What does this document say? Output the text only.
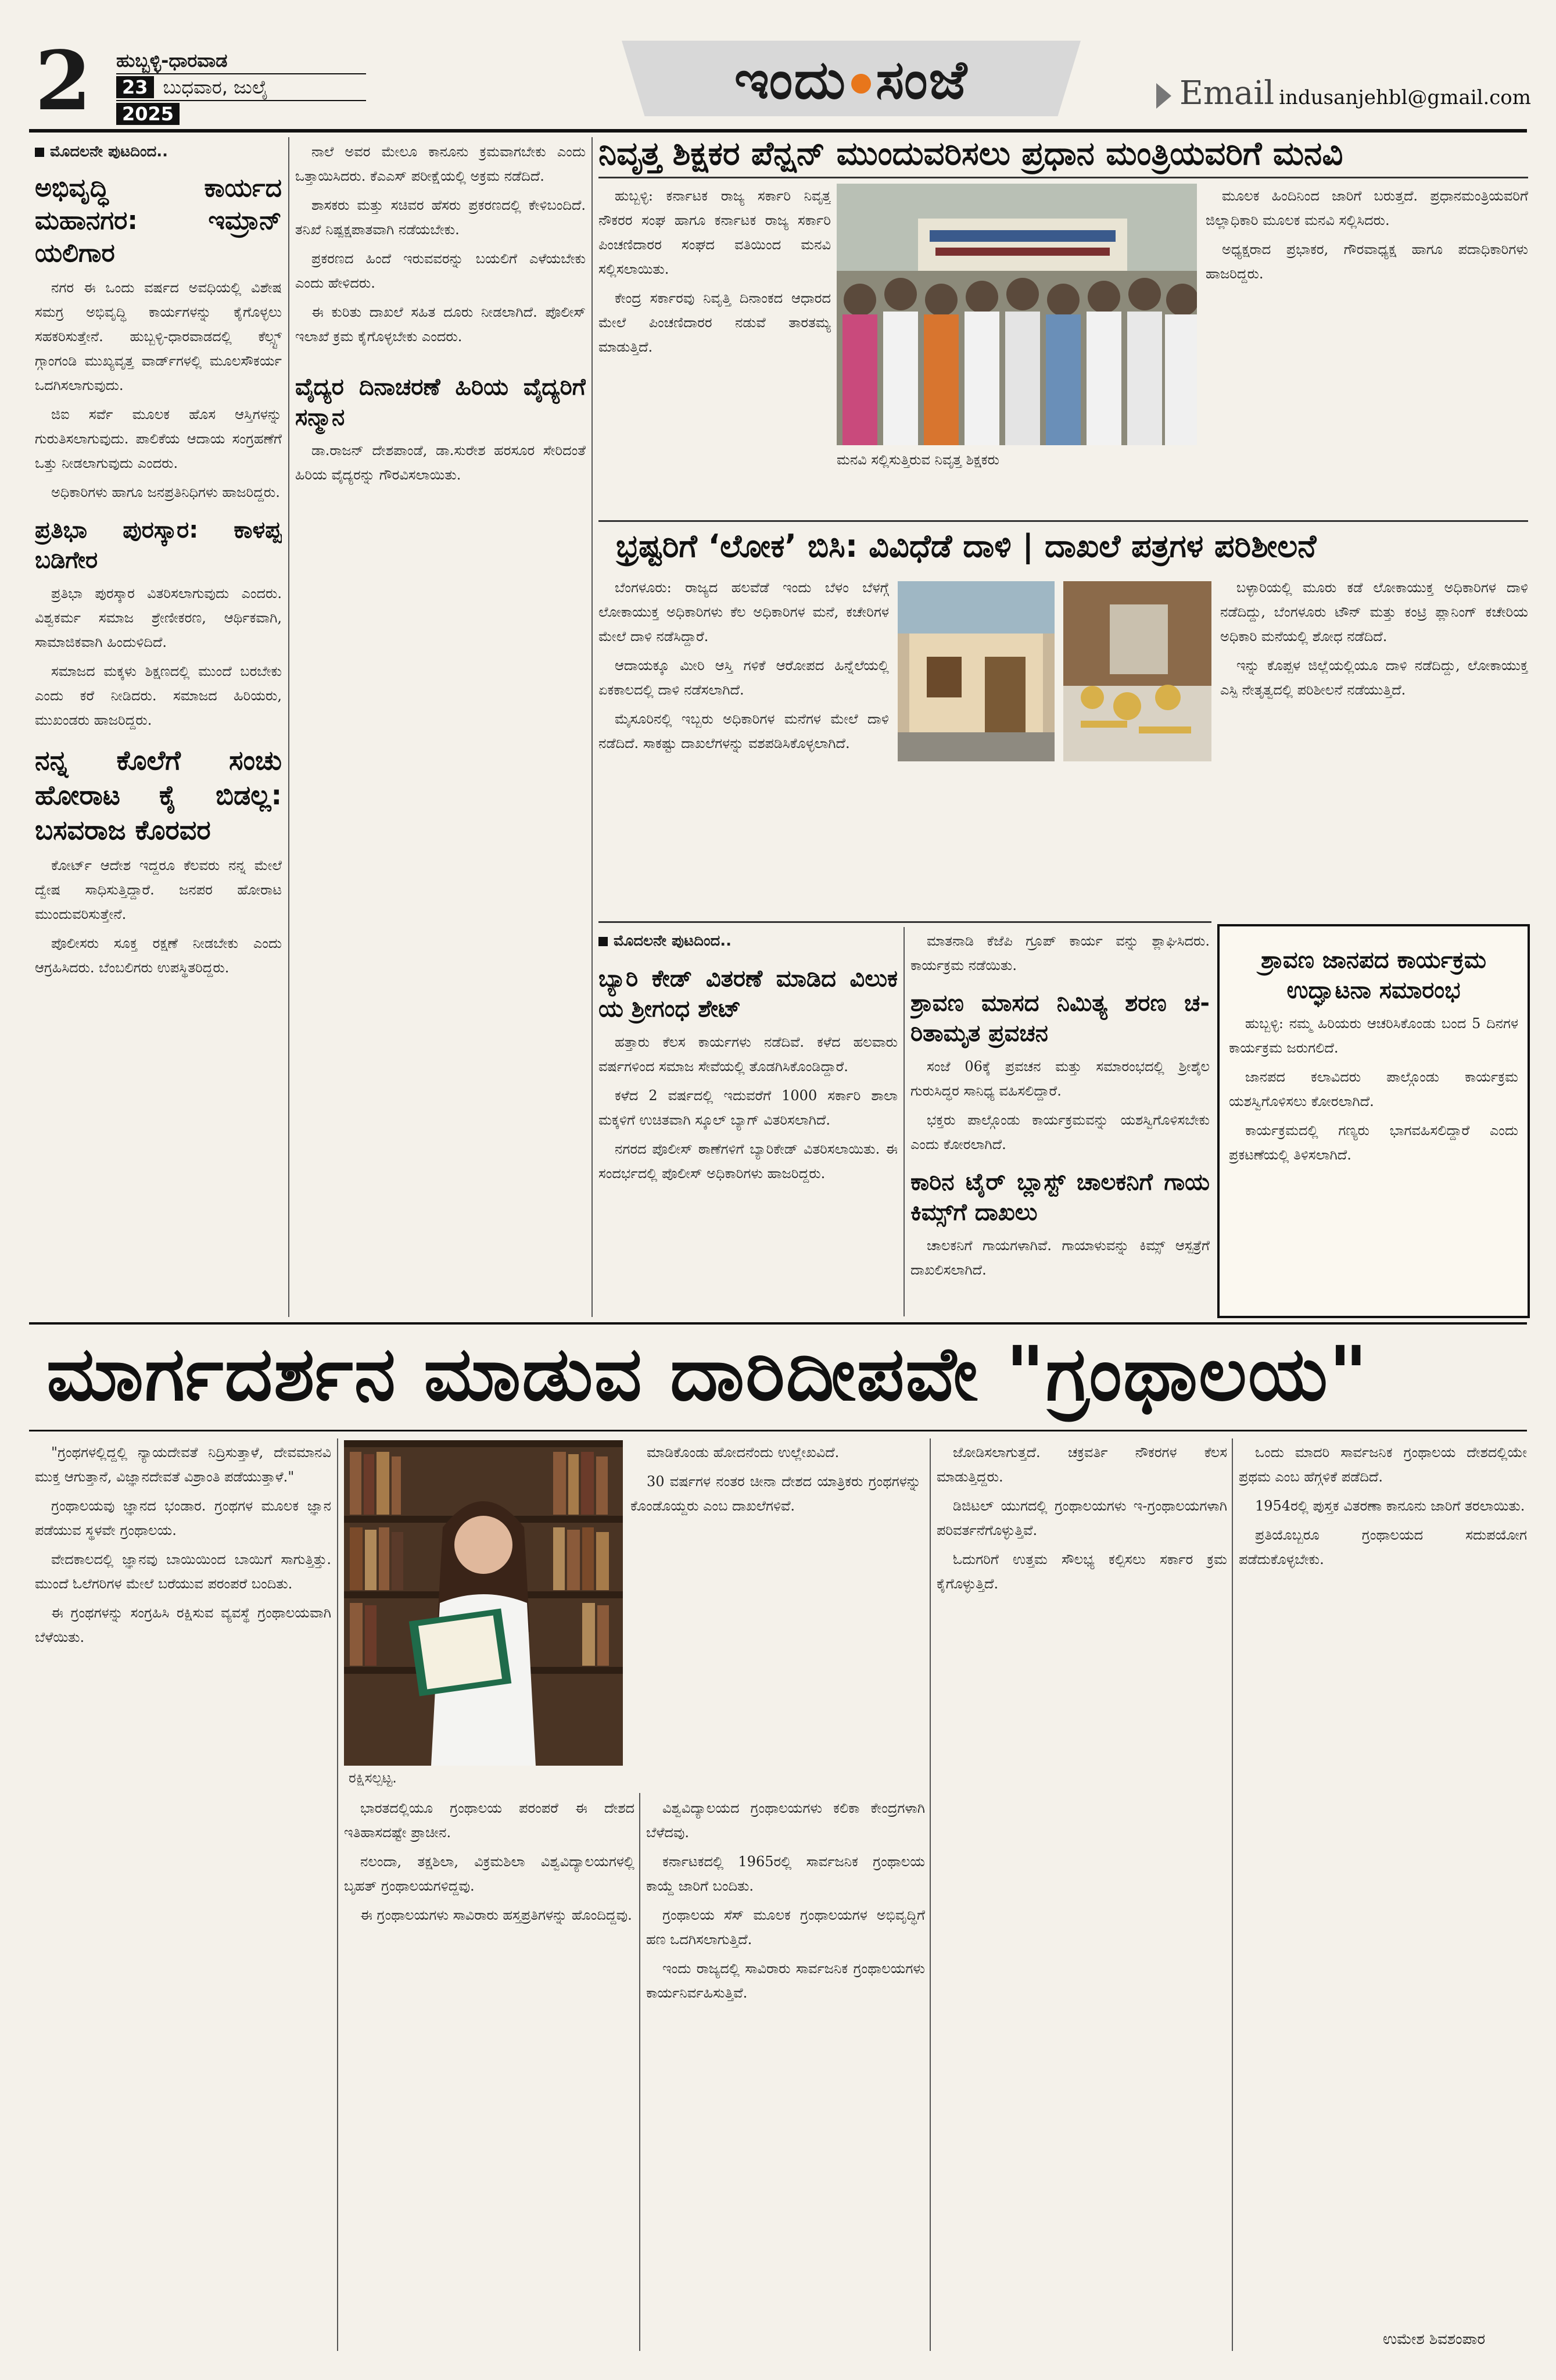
2 ಹುಬ್ಬಳ್ಳಿ-ಧಾರವಾಡ
23 ಬುಧವಾರ, ಜುಲೈ
2025
ಇಂದು ಸಂಜೆ	Email indusanjehbl@gmail.com
ಮೊದಲನೇ ಪುಟದಿಂದ..
ಅಭಿವೃದ್ಧಿ ಕಾರ್ಯದ ಮಹಾನಗರ: ಇಮ್ರಾನ್ ಯಲಿಗಾರ

ನಗರ ಈ ಒಂದು ವರ್ಷದ ಅವಧಿಯಲ್ಲಿ ವಿಶೇಷ ಸಮಗ್ರ ಅಭಿವೃದ್ಧಿ ಕಾರ್ಯಗಳನ್ನು ಕೈಗೊಳ್ಳಲು ಸಹಕರಿಸುತ್ತೇನೆ. ಹುಬ್ಬಳ್ಳಿ-ಧಾರವಾಡದಲ್ಲಿ ಕೆಲ್ಸ್ಟ್ ಗ್ಗಾಂಗಂಡಿ ಮುಖ್ಯವೃತ್ತ ವಾರ್ಡ್‌ಗಳಲ್ಲಿ ಮೂಲಸೌಕರ್ಯ ಒದಗಿಸಲಾಗುವುದು.

ಜಿಐ ಸರ್ವೆ ಮೂಲಕ ಹೊಸ ಆಸ್ತಿಗಳನ್ನು ಗುರುತಿಸಲಾಗುವುದು. ಪಾಲಿಕೆಯ ಆದಾಯ ಸಂಗ್ರಹಣೆಗೆ ಒತ್ತು ನೀಡಲಾಗುವುದು ಎಂದರು.

ಅಧಿಕಾರಿಗಳು ಹಾಗೂ ಜನಪ್ರತಿನಿಧಿಗಳು ಹಾಜರಿದ್ದರು.

ಪ್ರತಿಭಾ ಪುರಸ್ಕಾರ: ಕಾಳಪ್ಪ ಬಡಿಗೇರ

ಪ್ರತಿಭಾ ಪುರಸ್ಕಾರ ವಿತರಿಸಲಾಗುವುದು ಎಂದರು. ವಿಶ್ವಕರ್ಮ ಸಮಾಜ ಶ್ರೇಣೀಕರಣ, ಆರ್ಥಿಕವಾಗಿ, ಸಾಮಾಜಿಕವಾಗಿ ಹಿಂದುಳಿದಿದೆ.

ಸಮಾಜದ ಮಕ್ಕಳು ಶಿಕ್ಷಣದಲ್ಲಿ ಮುಂದೆ ಬರಬೇಕು ಎಂದು ಕರೆ ನೀಡಿದರು. ಸಮಾಜದ ಹಿರಿಯರು, ಮುಖಂಡರು ಹಾಜರಿದ್ದರು.

ನನ್ನ ಕೊಲೆಗೆ ಸಂಚು ಹೋರಾಟ ಕೈ ಬಿಡಲ್ಲ: ಬಸವರಾಜ ಕೊರವರ

ಕೋರ್ಟ್‌ ಆದೇಶ ಇದ್ದರೂ ಕೆಲವರು ನನ್ನ ಮೇಲೆ ದ್ವೇಷ ಸಾಧಿಸುತ್ತಿದ್ದಾರೆ. ಜನಪರ ಹೋರಾಟ ಮುಂದುವರಿಸುತ್ತೇನೆ.

ಪೊಲೀಸರು ಸೂಕ್ತ ರಕ್ಷಣೆ ನೀಡಬೇಕು ಎಂದು ಆಗ್ರಹಿಸಿದರು. ಬೆಂಬಲಿಗರು ಉಪಸ್ಥಿತರಿದ್ದರು.

ನಾಲೆ ಅವರ ಮೇಲೂ ಕಾನೂನು ಕ್ರಮವಾಗಬೇಕು ಎಂದು ಒತ್ತಾಯಿಸಿದರು. ಕೆಎಎಸ್ ಪರೀಕ್ಷೆಯಲ್ಲಿ ಅಕ್ರಮ ನಡೆದಿದೆ.

ಶಾಸಕರು ಮತ್ತು ಸಚಿವರ ಹೆಸರು ಪ್ರಕರಣದಲ್ಲಿ ಕೇಳಿಬಂದಿದೆ. ತನಿಖೆ ನಿಷ್ಪಕ್ಷಪಾತವಾಗಿ ನಡೆಯಬೇಕು.

ಪ್ರಕರಣದ ಹಿಂದೆ ಇರುವವರನ್ನು ಬಯಲಿಗೆ ಎಳೆಯಬೇಕು ಎಂದು ಹೇಳಿದರು.

ಈ ಕುರಿತು ದಾಖಲೆ ಸಹಿತ ದೂರು ನೀಡಲಾಗಿದೆ. ಪೊಲೀಸ್ ಇಲಾಖೆ ಕ್ರಮ ಕೈಗೊಳ್ಳಬೇಕು ಎಂದರು.

ವೈದ್ಯರ ದಿನಾಚರಣೆ ಹಿರಿಯ ವೈದ್ಯರಿಗೆ ಸನ್ಮಾನ

ಡಾ.ರಾಜನ್ ದೇಶಪಾಂಡೆ, ಡಾ.ಸುರೇಶ ಹರಸೂರ ಸೇರಿದಂತೆ ಹಿರಿಯ ವೈದ್ಯರನ್ನು ಗೌರವಿಸಲಾಯಿತು.

ನಿವೃತ್ತ ಶಿಕ್ಷಕರ ಪೆನ್ಷನ್ ಮುಂದುವರಿಸಲು ಪ್ರಧಾನ ಮಂತ್ರಿಯವರಿಗೆ ಮನವಿ

ಹುಬ್ಬಳ್ಳಿ: ಕರ್ನಾಟಕ ರಾಜ್ಯ ಸರ್ಕಾರಿ ನಿವೃತ್ತ ನೌಕರರ ಸಂಘ ಹಾಗೂ ಕರ್ನಾಟಕ ರಾಜ್ಯ ಸರ್ಕಾರಿ ಪಿಂಚಣಿದಾರರ ಸಂಘದ ವತಿಯಿಂದ ಮನವಿ ಸಲ್ಲಿಸಲಾಯಿತು.

ಕೇಂದ್ರ ಸರ್ಕಾರವು ನಿವೃತ್ತಿ ದಿನಾಂಕದ ಆಧಾರದ ಮೇಲೆ ಪಿಂಚಣಿದಾರರ ನಡುವೆ ತಾರತಮ್ಯ ಮಾಡುತ್ತಿದೆ.

ಮನವಿ ಸಲ್ಲಿಸುತ್ತಿರುವ ನಿವೃತ್ತ ಶಿಕ್ಷಕರು

ಮೂಲಕ ಹಿಂದಿನಿಂದ ಜಾರಿಗೆ ಬರುತ್ತದೆ. ಪ್ರಧಾನಮಂತ್ರಿಯವರಿಗೆ ಜಿಲ್ಲಾಧಿಕಾರಿ ಮೂಲಕ ಮನವಿ ಸಲ್ಲಿಸಿದರು.

ಅಧ್ಯಕ್ಷರಾದ ಪ್ರಭಾಕರ, ಗೌರವಾಧ್ಯಕ್ಷ ಹಾಗೂ ಪದಾಧಿಕಾರಿಗಳು ಹಾಜರಿದ್ದರು.

ಭ್ರಷ್ಟರಿಗೆ ‘ಲೋಕ’ ಬಿಸಿ: ವಿವಿಧೆಡೆ ದಾಳಿ | ದಾಖಲೆ ಪತ್ರಗಳ ಪರಿಶೀಲನೆ

ಬೆಂಗಳೂರು: ರಾಜ್ಯದ ಹಲವೆಡೆ ಇಂದು ಬೆಳಂ ಬೆಳಗ್ಗೆ ಲೋಕಾಯುಕ್ತ ಅಧಿಕಾರಿಗಳು ಕೆಲ ಅಧಿಕಾರಿಗಳ ಮನೆ, ಕಚೇರಿಗಳ ಮೇಲೆ ದಾಳಿ ನಡೆಸಿದ್ದಾರೆ.

ಆದಾಯಕ್ಕೂ ಮೀರಿ ಆಸ್ತಿ ಗಳಿಕೆ ಆರೋಪದ ಹಿನ್ನೆಲೆಯಲ್ಲಿ ಏಕಕಾಲದಲ್ಲಿ ದಾಳಿ ನಡೆಸಲಾಗಿದೆ.

ಮೈಸೂರಿನಲ್ಲಿ ಇಬ್ಬರು ಅಧಿಕಾರಿಗಳ ಮನೆಗಳ ಮೇಲೆ ದಾಳಿ ನಡೆದಿದೆ. ಸಾಕಷ್ಟು ದಾಖಲೆಗಳನ್ನು ವಶಪಡಿಸಿಕೊಳ್ಳಲಾಗಿದೆ.

ಬಳ್ಳಾರಿಯಲ್ಲಿ ಮೂರು ಕಡೆ ಲೋಕಾಯುಕ್ತ ಅಧಿಕಾರಿಗಳ ದಾಳಿ ನಡೆದಿದ್ದು, ಬೆಂಗಳೂರು ಟೌನ್ ಮತ್ತು ಕಂಟ್ರಿ ಪ್ಲಾನಿಂಗ್ ಕಚೇರಿಯ ಅಧಿಕಾರಿ ಮನೆಯಲ್ಲಿ ಶೋಧ ನಡೆದಿದೆ.

ಇನ್ನು ಕೊಪ್ಪಳ ಜಿಲ್ಲೆಯಲ್ಲಿಯೂ ದಾಳಿ ನಡೆದಿದ್ದು, ಲೋಕಾಯುಕ್ತ ಎಸ್ಪಿ ನೇತೃತ್ವದಲ್ಲಿ ಪರಿಶೀಲನೆ ನಡೆಯುತ್ತಿದೆ.

ಮೊದಲನೇ ಪುಟದಿಂದ..
ಬ್ಯಾರಿ ಕೇಡ್ ವಿತರಣೆ ಮಾಡಿದ ವಿಲುಕ ಯ ಶ್ರೀಗಂಧ ಶೇಟ್

ಹತ್ತಾರು ಕೆಲಸ ಕಾರ್ಯಗಳು ನಡೆದಿವೆ. ಕಳೆದ ಹಲವಾರು ವರ್ಷಗಳಿಂದ ಸಮಾಜ ಸೇವೆಯಲ್ಲಿ ತೊಡಗಿಸಿಕೊಂಡಿದ್ದಾರೆ.

ಕಳೆದ 2 ವರ್ಷದಲ್ಲಿ ಇದುವರೆಗೆ 1000 ಸರ್ಕಾರಿ ಶಾಲಾ ಮಕ್ಕಳಿಗೆ ಉಚಿತವಾಗಿ ಸ್ಕೂಲ್ ಬ್ಯಾಗ್ ವಿತರಿಸಲಾಗಿದೆ.

ನಗರದ ಪೊಲೀಸ್ ಠಾಣೆಗಳಿಗೆ ಬ್ಯಾರಿಕೇಡ್ ವಿತರಿಸಲಾಯಿತು. ಈ ಸಂದರ್ಭದಲ್ಲಿ ಪೊಲೀಸ್ ಅಧಿಕಾರಿಗಳು ಹಾಜರಿದ್ದರು.

ಮಾತನಾಡಿ ಕೆಜೆಪಿ ಗ್ರೂಪ್ ಕಾರ್ಯ ವನ್ನು ಶ್ಲಾಘಿಸಿದರು. ಕಾರ್ಯಕ್ರಮ ನಡೆಯಿತು.

ಶ್ರಾವಣ ಮಾಸದ ನಿಮಿತ್ಯ ಶರಣ ಚ- ರಿತಾಮೃತ ಪ್ರವಚನ

ಸಂಜೆ 06ಕ್ಕೆ ಪ್ರವಚನ ಮತ್ತು ಸಮಾರಂಭದಲ್ಲಿ ಶ್ರೀಶೈಲ ಗುರುಸಿದ್ಧರ ಸಾನಿಧ್ಯ ವಹಿಸಲಿದ್ದಾರೆ.

ಭಕ್ತರು ಪಾಲ್ಗೊಂಡು ಕಾರ್ಯಕ್ರಮವನ್ನು ಯಶಸ್ವಿಗೊಳಿಸಬೇಕು ಎಂದು ಕೋರಲಾಗಿದೆ.

ಕಾರಿನ ಟೈರ್ ಬ್ಲಾಸ್ಟ್ ಚಾಲಕನಿಗೆ ಗಾಯ ಕಿಮ್ಸ್‌ಗೆ ದಾಖಲು

ಚಾಲಕನಿಗೆ ಗಾಯಗಳಾಗಿವೆ. ಗಾಯಾಳುವನ್ನು ಕಿಮ್ಸ್ ಆಸ್ಪತ್ರೆಗೆ ದಾಖಲಿಸಲಾಗಿದೆ.

ಶ್ರಾವಣ ಜಾನಪದ ಕಾರ್ಯಕ್ರಮ ಉದ್ಘಾಟನಾ ಸಮಾರಂಭ

ಹುಬ್ಬಳ್ಳಿ: ನಮ್ಮ ಹಿರಿಯರು ಆಚರಿಸಿಕೊಂಡು ಬಂದ 5 ದಿನಗಳ ಕಾರ್ಯಕ್ರಮ ಜರುಗಲಿದೆ.

ಜಾನಪದ ಕಲಾವಿದರು ಪಾಲ್ಗೊಂಡು ಕಾರ್ಯಕ್ರಮ ಯಶಸ್ವಿಗೊಳಿಸಲು ಕೋರಲಾಗಿದೆ.

ಕಾರ್ಯಕ್ರಮದಲ್ಲಿ ಗಣ್ಯರು ಭಾಗವಹಿಸಲಿದ್ದಾರೆ ಎಂದು ಪ್ರಕಟಣೆಯಲ್ಲಿ ತಿಳಿಸಲಾಗಿದೆ.

ಮಾರ್ಗದರ್ಶನ ಮಾಡುವ ದಾರಿದೀಪವೇ "ಗ್ರಂಥಾಲಯ"

"ಗ್ರಂಥಗಳಲ್ಲಿದ್ದಲ್ಲಿ ನ್ಯಾಯದೇವತೆ ನಿದ್ರಿಸುತ್ತಾಳೆ, ದೇವಮಾನವಿ ಮುಕ್ತ ಆಗುತ್ತಾನೆ, ವಿಜ್ಞಾನದೇವತೆ ವಿಶ್ರಾಂತಿ ಪಡೆಯುತ್ತಾಳೆ."

ಗ್ರಂಥಾಲಯವು ಜ್ಞಾನದ ಭಂಡಾರ. ಗ್ರಂಥಗಳ ಮೂಲಕ ಜ್ಞಾನ ಪಡೆಯುವ ಸ್ಥಳವೇ ಗ್ರಂಥಾಲಯ.

ವೇದಕಾಲದಲ್ಲಿ ಜ್ಞಾನವು ಬಾಯಿಯಿಂದ ಬಾಯಿಗೆ ಸಾಗುತ್ತಿತ್ತು. ಮುಂದೆ ಓಲೆಗರಿಗಳ ಮೇಲೆ ಬರೆಯುವ ಪರಂಪರೆ ಬಂದಿತು.

ಈ ಗ್ರಂಥಗಳನ್ನು ಸಂಗ್ರಹಿಸಿ ರಕ್ಷಿಸುವ ವ್ಯವಸ್ಥೆ ಗ್ರಂಥಾಲಯವಾಗಿ ಬೆಳೆಯಿತು.

ರಕ್ಷಿಸಲ್ಪಟ್ಟ.

ಮಾಡಿಕೊಂಡು ಹೋದನೆಂದು ಉಲ್ಲೇಖವಿದೆ.

30 ವರ್ಷಗಳ ನಂತರ ಚೀನಾ ದೇಶದ ಯಾತ್ರಿಕರು ಗ್ರಂಥಗಳನ್ನು ಕೊಂಡೊಯ್ದರು ಎಂಬ ದಾಖಲೆಗಳಿವೆ.

ಭಾರತದಲ್ಲಿಯೂ ಗ್ರಂಥಾಲಯ ಪರಂಪರೆ ಈ ದೇಶದ ಇತಿಹಾಸದಷ್ಟೇ ಪ್ರಾಚೀನ.

ನಲಂದಾ, ತಕ್ಷಶಿಲಾ, ವಿಕ್ರಮಶಿಲಾ ವಿಶ್ವವಿದ್ಯಾಲಯಗಳಲ್ಲಿ ಬೃಹತ್ ಗ್ರಂಥಾಲಯಗಳಿದ್ದವು.

ಈ ಗ್ರಂಥಾಲಯಗಳು ಸಾವಿರಾರು ಹಸ್ತಪ್ರತಿಗಳನ್ನು ಹೊಂದಿದ್ದವು.

ವಿಶ್ವವಿದ್ಯಾಲಯದ ಗ್ರಂಥಾಲಯಗಳು ಕಲಿಕಾ ಕೇಂದ್ರಗಳಾಗಿ ಬೆಳೆದವು.

ಕರ್ನಾಟಕದಲ್ಲಿ 1965ರಲ್ಲಿ ಸಾರ್ವಜನಿಕ ಗ್ರಂಥಾಲಯ ಕಾಯ್ದೆ ಜಾರಿಗೆ ಬಂದಿತು.

ಗ್ರಂಥಾಲಯ ಸೆಸ್ ಮೂಲಕ ಗ್ರಂಥಾಲಯಗಳ ಅಭಿವೃದ್ಧಿಗೆ ಹಣ ಒದಗಿಸಲಾಗುತ್ತಿದೆ.

ಇಂದು ರಾಜ್ಯದಲ್ಲಿ ಸಾವಿರಾರು ಸಾರ್ವಜನಿಕ ಗ್ರಂಥಾಲಯಗಳು ಕಾರ್ಯನಿರ್ವಹಿಸುತ್ತಿವೆ.

ಜೋಡಿಸಲಾಗುತ್ತದೆ. ಚಕ್ರವರ್ತಿ ನೌಕರಗಳ ಕೆಲಸ ಮಾಡುತ್ತಿದ್ದರು.

ಡಿಜಿಟಲ್ ಯುಗದಲ್ಲಿ ಗ್ರಂಥಾಲಯಗಳು ಇ-ಗ್ರಂಥಾಲಯಗಳಾಗಿ ಪರಿವರ್ತನೆಗೊಳ್ಳುತ್ತಿವೆ.

ಓದುಗರಿಗೆ ಉತ್ತಮ ಸೌಲಭ್ಯ ಕಲ್ಪಿಸಲು ಸರ್ಕಾರ ಕ್ರಮ ಕೈಗೊಳ್ಳುತ್ತಿದೆ.

ಒಂದು ಮಾದರಿ ಸಾರ್ವಜನಿಕ ಗ್ರಂಥಾಲಯ ದೇಶದಲ್ಲಿಯೇ ಪ್ರಥಮ ಎಂಬ ಹೆಗ್ಗಳಿಕೆ ಪಡೆದಿದೆ.

1954ರಲ್ಲಿ ಪುಸ್ತಕ ವಿತರಣಾ ಕಾನೂನು ಜಾರಿಗೆ ತರಲಾಯಿತು.

ಪ್ರತಿಯೊಬ್ಬರೂ ಗ್ರಂಥಾಲಯದ ಸದುಪಯೋಗ ಪಡೆದುಕೊಳ್ಳಬೇಕು.

ಉಮೇಶ ಶಿವಶಂಪಾರ
